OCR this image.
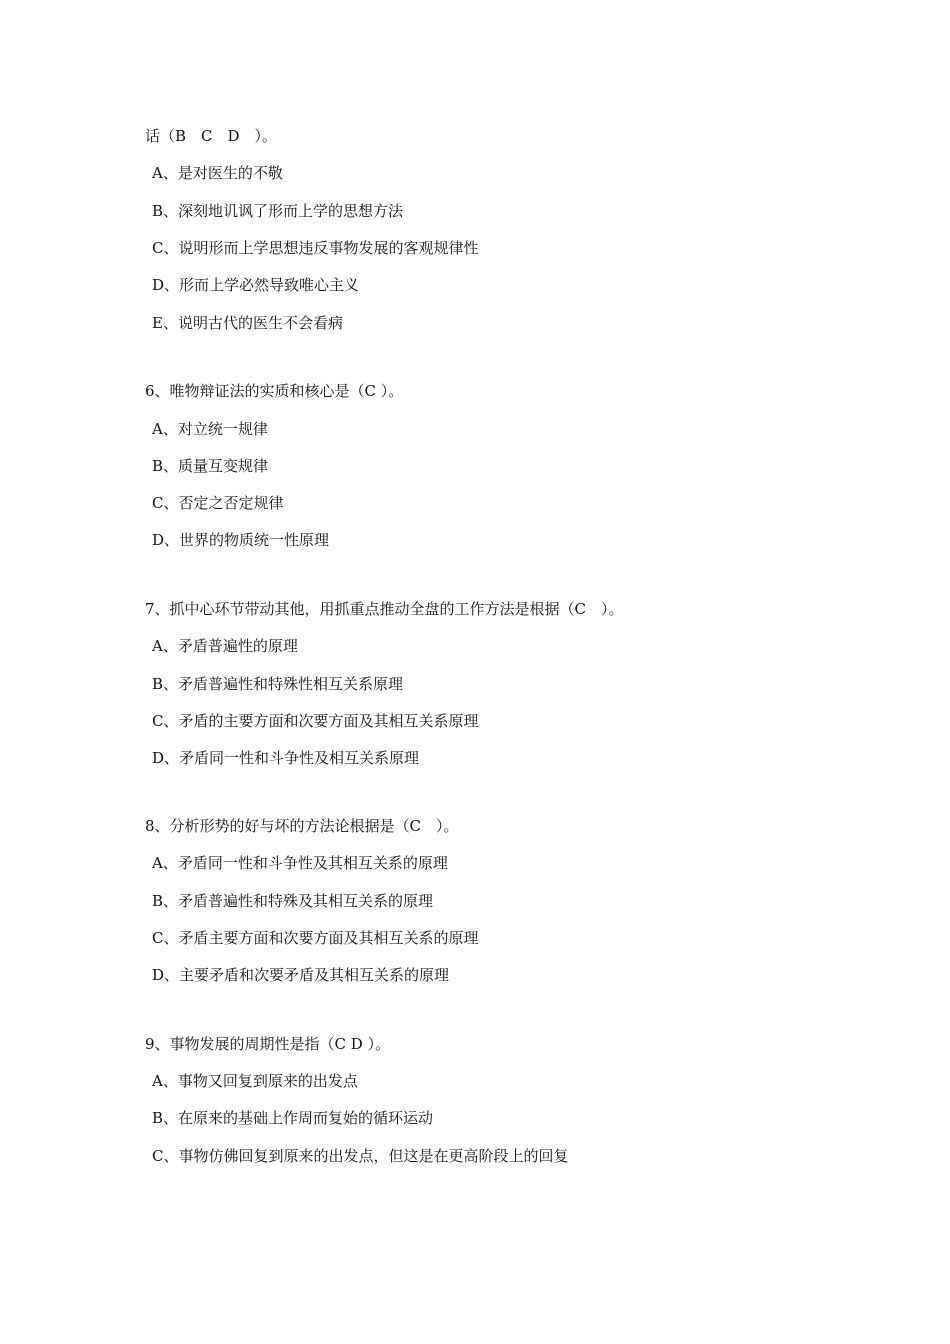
话（B　C　D　）。
A、是对医生的不敬
B、深刻地讥讽了形而上学的思想方法
C、说明形而上学思想违反事物发展的客观规律性
D、形而上学必然导致唯心主义
E、说明古代的医生不会看病
6、唯物辩证法的实质和核心是（C ）。
A、对立统一规律
B、质量互变规律
C、否定之否定规律
D、世界的物质统一性原理
7、抓中心环节带动其他，用抓重点推动全盘的工作方法是根据（C　）。
A、矛盾普遍性的原理
B、矛盾普遍性和特殊性相互关系原理
C、矛盾的主要方面和次要方面及其相互关系原理
D、矛盾同一性和斗争性及相互关系原理
8、分析形势的好与坏的方法论根据是（C　）。
A、矛盾同一性和斗争性及其相互关系的原理
B、矛盾普遍性和特殊及其相互关系的原理
C、矛盾主要方面和次要方面及其相互关系的原理
D、主要矛盾和次要矛盾及其相互关系的原理
9、事物发展的周期性是指（C D ）。
A、事物又回复到原来的出发点
B、在原来的基础上作周而复始的循环运动
C、事物仿佛回复到原来的出发点，但这是在更高阶段上的回复
